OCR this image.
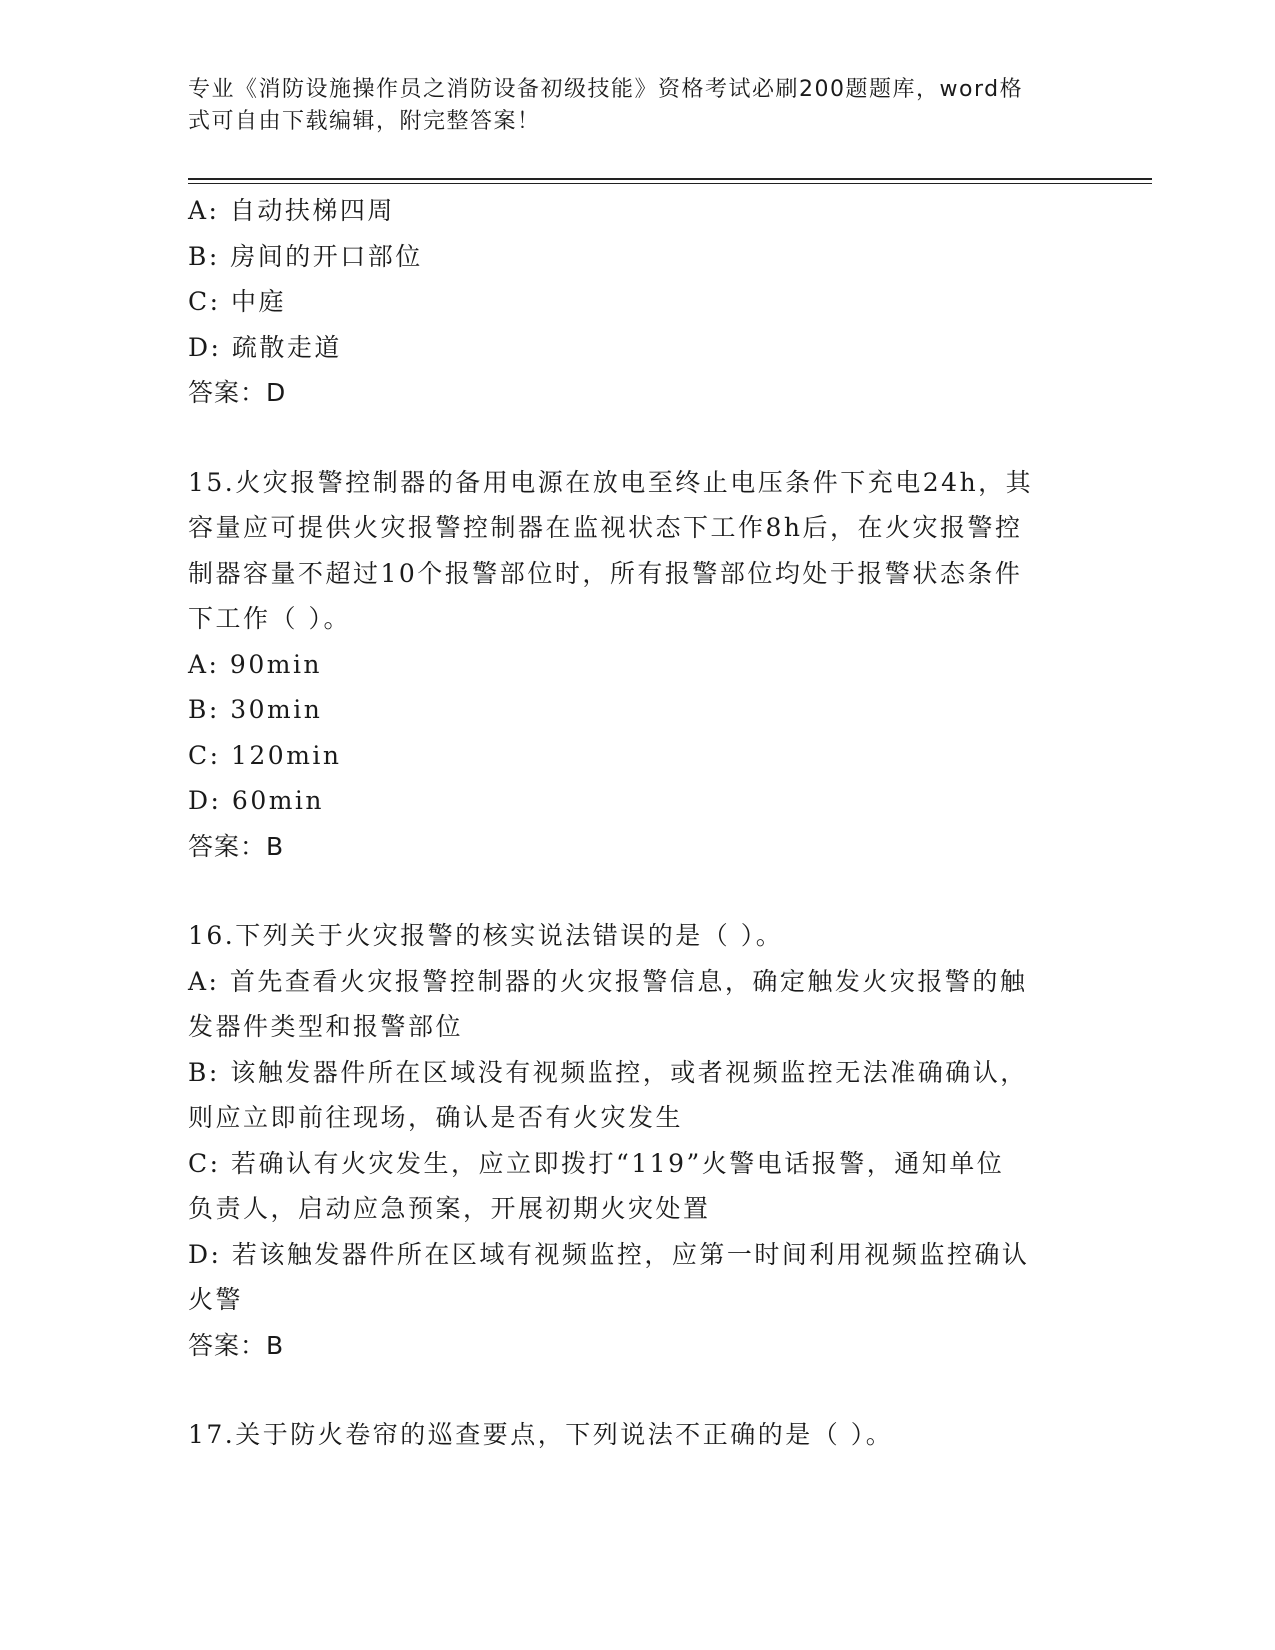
专业《消防设施操作员之消防设备初级技能》资格考试必刷200题题库，word格
式可自由下载编辑，附完整答案！
A: 自动扶梯四周
B: 房间的开口部位
C: 中庭
D: 疏散走道
答案：D
15.火灾报警控制器的备用电源在放电至终止电压条件下充电24h，其
容量应可提供火灾报警控制器在监视状态下工作8h后，在火灾报警控
制器容量不超过10个报警部位时，所有报警部位均处于报警状态条件
下工作（ ）。
A: 90min
B: 30min
C: 120min
D: 60min
答案：B
16.下列关于火灾报警的核实说法错误的是（ ）。
A: 首先查看火灾报警控制器的火灾报警信息，确定触发火灾报警的触
发器件类型和报警部位
B: 该触发器件所在区域没有视频监控，或者视频监控无法准确确认，
则应立即前往现场，确认是否有火灾发生
C: 若确认有火灾发生，应立即拨打“119”火警电话报警，通知单位
负责人，启动应急预案，开展初期火灾处置
D: 若该触发器件所在区域有视频监控，应第一时间利用视频监控确认
火警
答案：B
17.关于防火卷帘的巡查要点，下列说法不正确的是（ ）。
